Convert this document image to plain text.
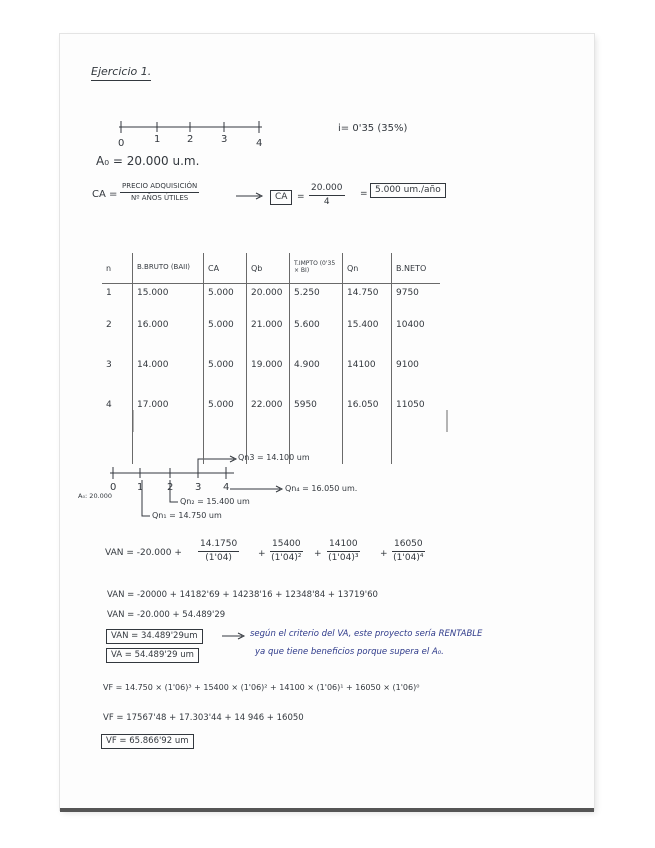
Ejercicio 1.
0	1	2	3	4
i= 0'35 (35%)
A₀ = 20.000 u.m.
CA =
PRECIO ADQUISICIÓN
Nº AÑOS ÚTILES	CA	= $\frac{20.000}{4} = 5.000$ um./año
n	B.BRUTO (BAII)	CA	Qb	T.IMPTO (0'35 × BI)	Qn	B.NETO
1	15.000	5.000	20.000	5.250	14.750	9750
2	16.000	5.000	21.000	5.600	15.400	10400
3	14.000	5.000	19.000	4.900	14100	9100
4	17.000	5.000	22.000	5950	16.050	11050

Qn3 = 14.100 um
0 1 2 3 4
A₀: 20.000
Qn₄ = 16.050 um.
Qn₂ = 15.400 um
Qn₁ = 14.750 um
VAN = $-20.000 + \frac{14.1750}{(1'04)} + \frac{15400}{\text{(1'04)²}} + \frac{14100}{\text{(1'04)³}} + \frac{16050}{\text{(1'04)⁴}}$
VAN = -20000 + 14182'69 + 14238'16 + 12348'84 + 13719'60
VAN = -20.000 + 54.489'29
VAN = 34.489'29um
VA = 54.489'29 um
según el criterio del VA, este proyecto sería RENTABLE
ya que tiene beneficios porque supera el A₀.
VF = 14.750 × (1'06)³ + 15400 × (1'06)² + 14100 × (1'06)¹ + 16050 × (1'06)⁰
VF = 17567'48 + 17.303'44 + 14 946 + 16050
VF = 65.866'92 um
